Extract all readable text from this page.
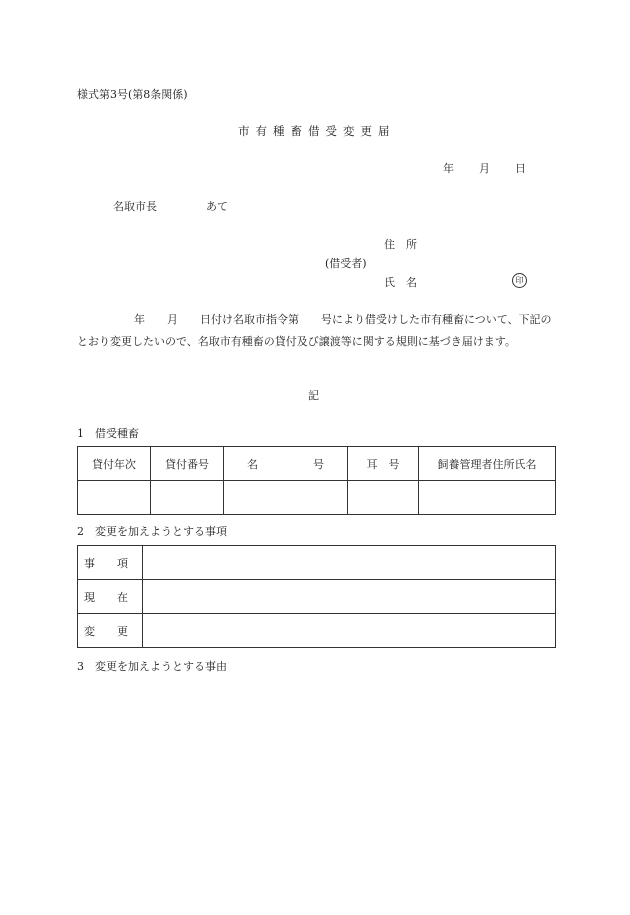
様式第3号(第8条関係)
市有種畜借受変更届
年 月 日
名取市長	あて
住　所
(借受者)
氏　名	印
年　　月　　日付け名取市指令第　　号により借受けした市有種畜について、下記のとおり変更したいので、名取市有種畜の貸付及び譲渡等に関する規則に基づき届けます。
記
1　借受種畜
貸付年次	貸付番号	名　　　　　号	耳　号	飼養管理者住所氏名

2　変更を加えようとする事項
事　　項	
現　　在	
変　　更	
3　変更を加えようとする事由
